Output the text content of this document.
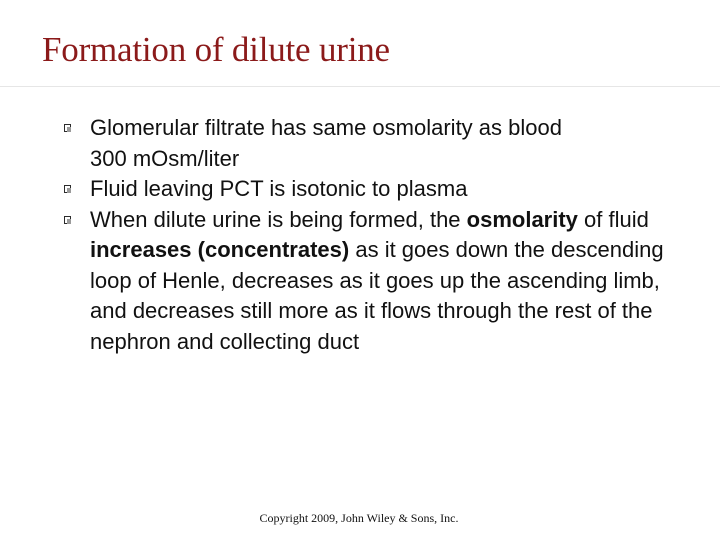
Formation of dilute urine
Glomerular filtrate has same osmolarity as blood
300 mOsm/liter
Fluid leaving PCT is isotonic to plasma
When dilute urine is being formed, the osmolarity of fluid increases (concentrates) as it goes down the descending loop of Henle, decreases as it goes up the ascending limb, and decreases still more as it flows through the rest of the nephron and collecting duct
Copyright 2009, John Wiley & Sons, Inc.
